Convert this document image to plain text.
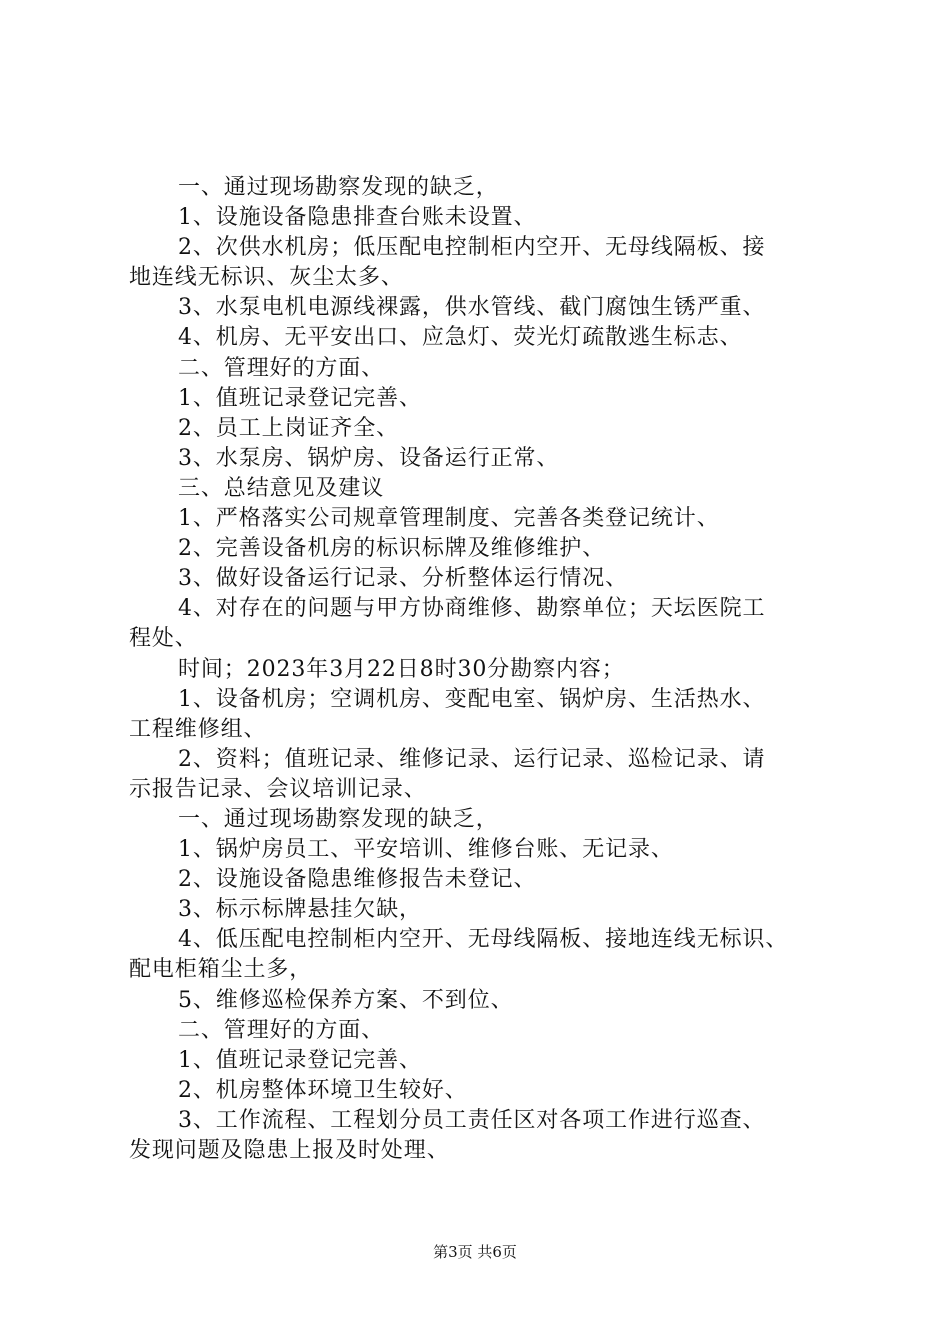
一、通过现场勘察发现的缺乏，
1、设施设备隐患排查台账未设置、
2、次供水机房；低压配电控制柜内空开、无母线隔板、接
地连线无标识、灰尘太多、
3、水泵电机电源线裸露，供水管线、截门腐蚀生锈严重、
4、机房、无平安出口、应急灯、荧光灯疏散逃生标志、
二、管理好的方面、
1、值班记录登记完善、
2、员工上岗证齐全、
3、水泵房、锅炉房、设备运行正常、
三、总结意见及建议
1、严格落实公司规章管理制度、完善各类登记统计、
2、完善设备机房的标识标牌及维修维护、
3、做好设备运行记录、分析整体运行情况、
4、对存在的问题与甲方协商维修、勘察单位；天坛医院工
程处、
时间；2023年3月22日8时30分勘察内容；
1、设备机房；空调机房、变配电室、锅炉房、生活热水、
工程维修组、
2、资料；值班记录、维修记录、运行记录、巡检记录、请
示报告记录、会议培训记录、
一、通过现场勘察发现的缺乏，
1、锅炉房员工、平安培训、维修台账、无记录、
2、设施设备隐患维修报告未登记、
3、标示标牌悬挂欠缺，
4、低压配电控制柜内空开、无母线隔板、接地连线无标识、
配电柜箱尘土多，
5、维修巡检保养方案、不到位、
二、管理好的方面、
1、值班记录登记完善、
2、机房整体环境卫生较好、
3、工作流程、工程划分员工责任区对各项工作进行巡查、
发现问题及隐患上报及时处理、
第3页 共6页
